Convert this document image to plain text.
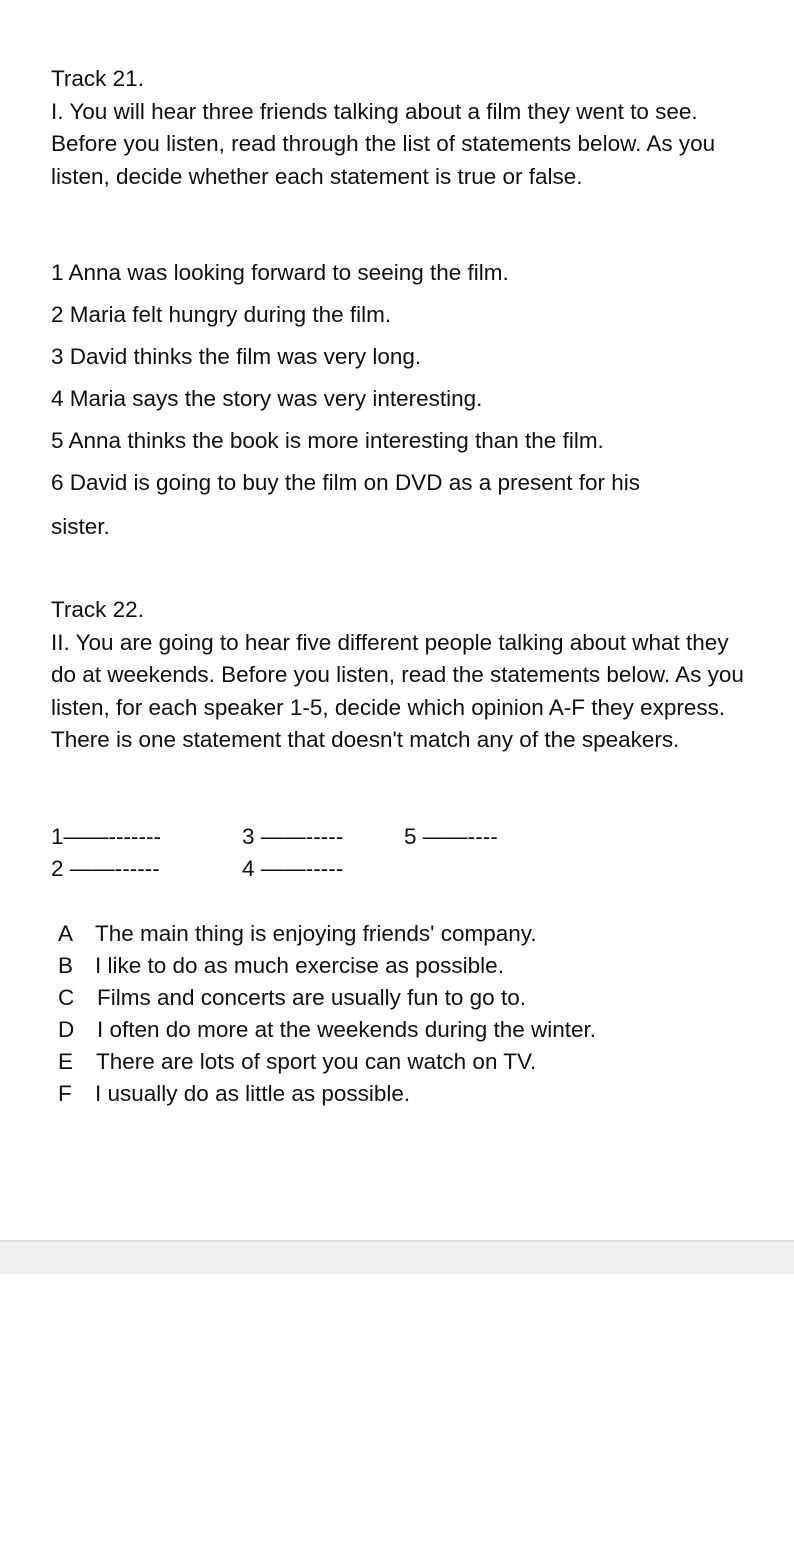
Track 21.
I. You will hear three friends talking about a film they went to see. Before you listen, read through the list of statements below. As you listen, decide whether each statement is true or false.
1 Anna was looking forward to seeing the film.
2 Maria felt hungry during the film.
3 David thinks the film was very long.
4 Maria says the story was very interesting.
5 Anna thinks the book is more interesting than the film.
6 David is going to buy the film on DVD as a present for his
sister.
Track 22.
II. You are going to hear five different people talking about what they do at weekends. Before you listen, read the statements below. As you listen, for each speaker 1-5, decide which opinion A-F they express. There is one statement that doesn't match any of the speakers.
1——-------	3 ——-----	5 ——----
2 ——------	4 ——-----
A The main thing is enjoying friends' company.
B I like to do as much exercise as possible.
C Films and concerts are usually fun to go to.
D I often do more at the weekends during the winter.
E There are lots of sport you can watch on TV.
F I usually do as little as possible.
